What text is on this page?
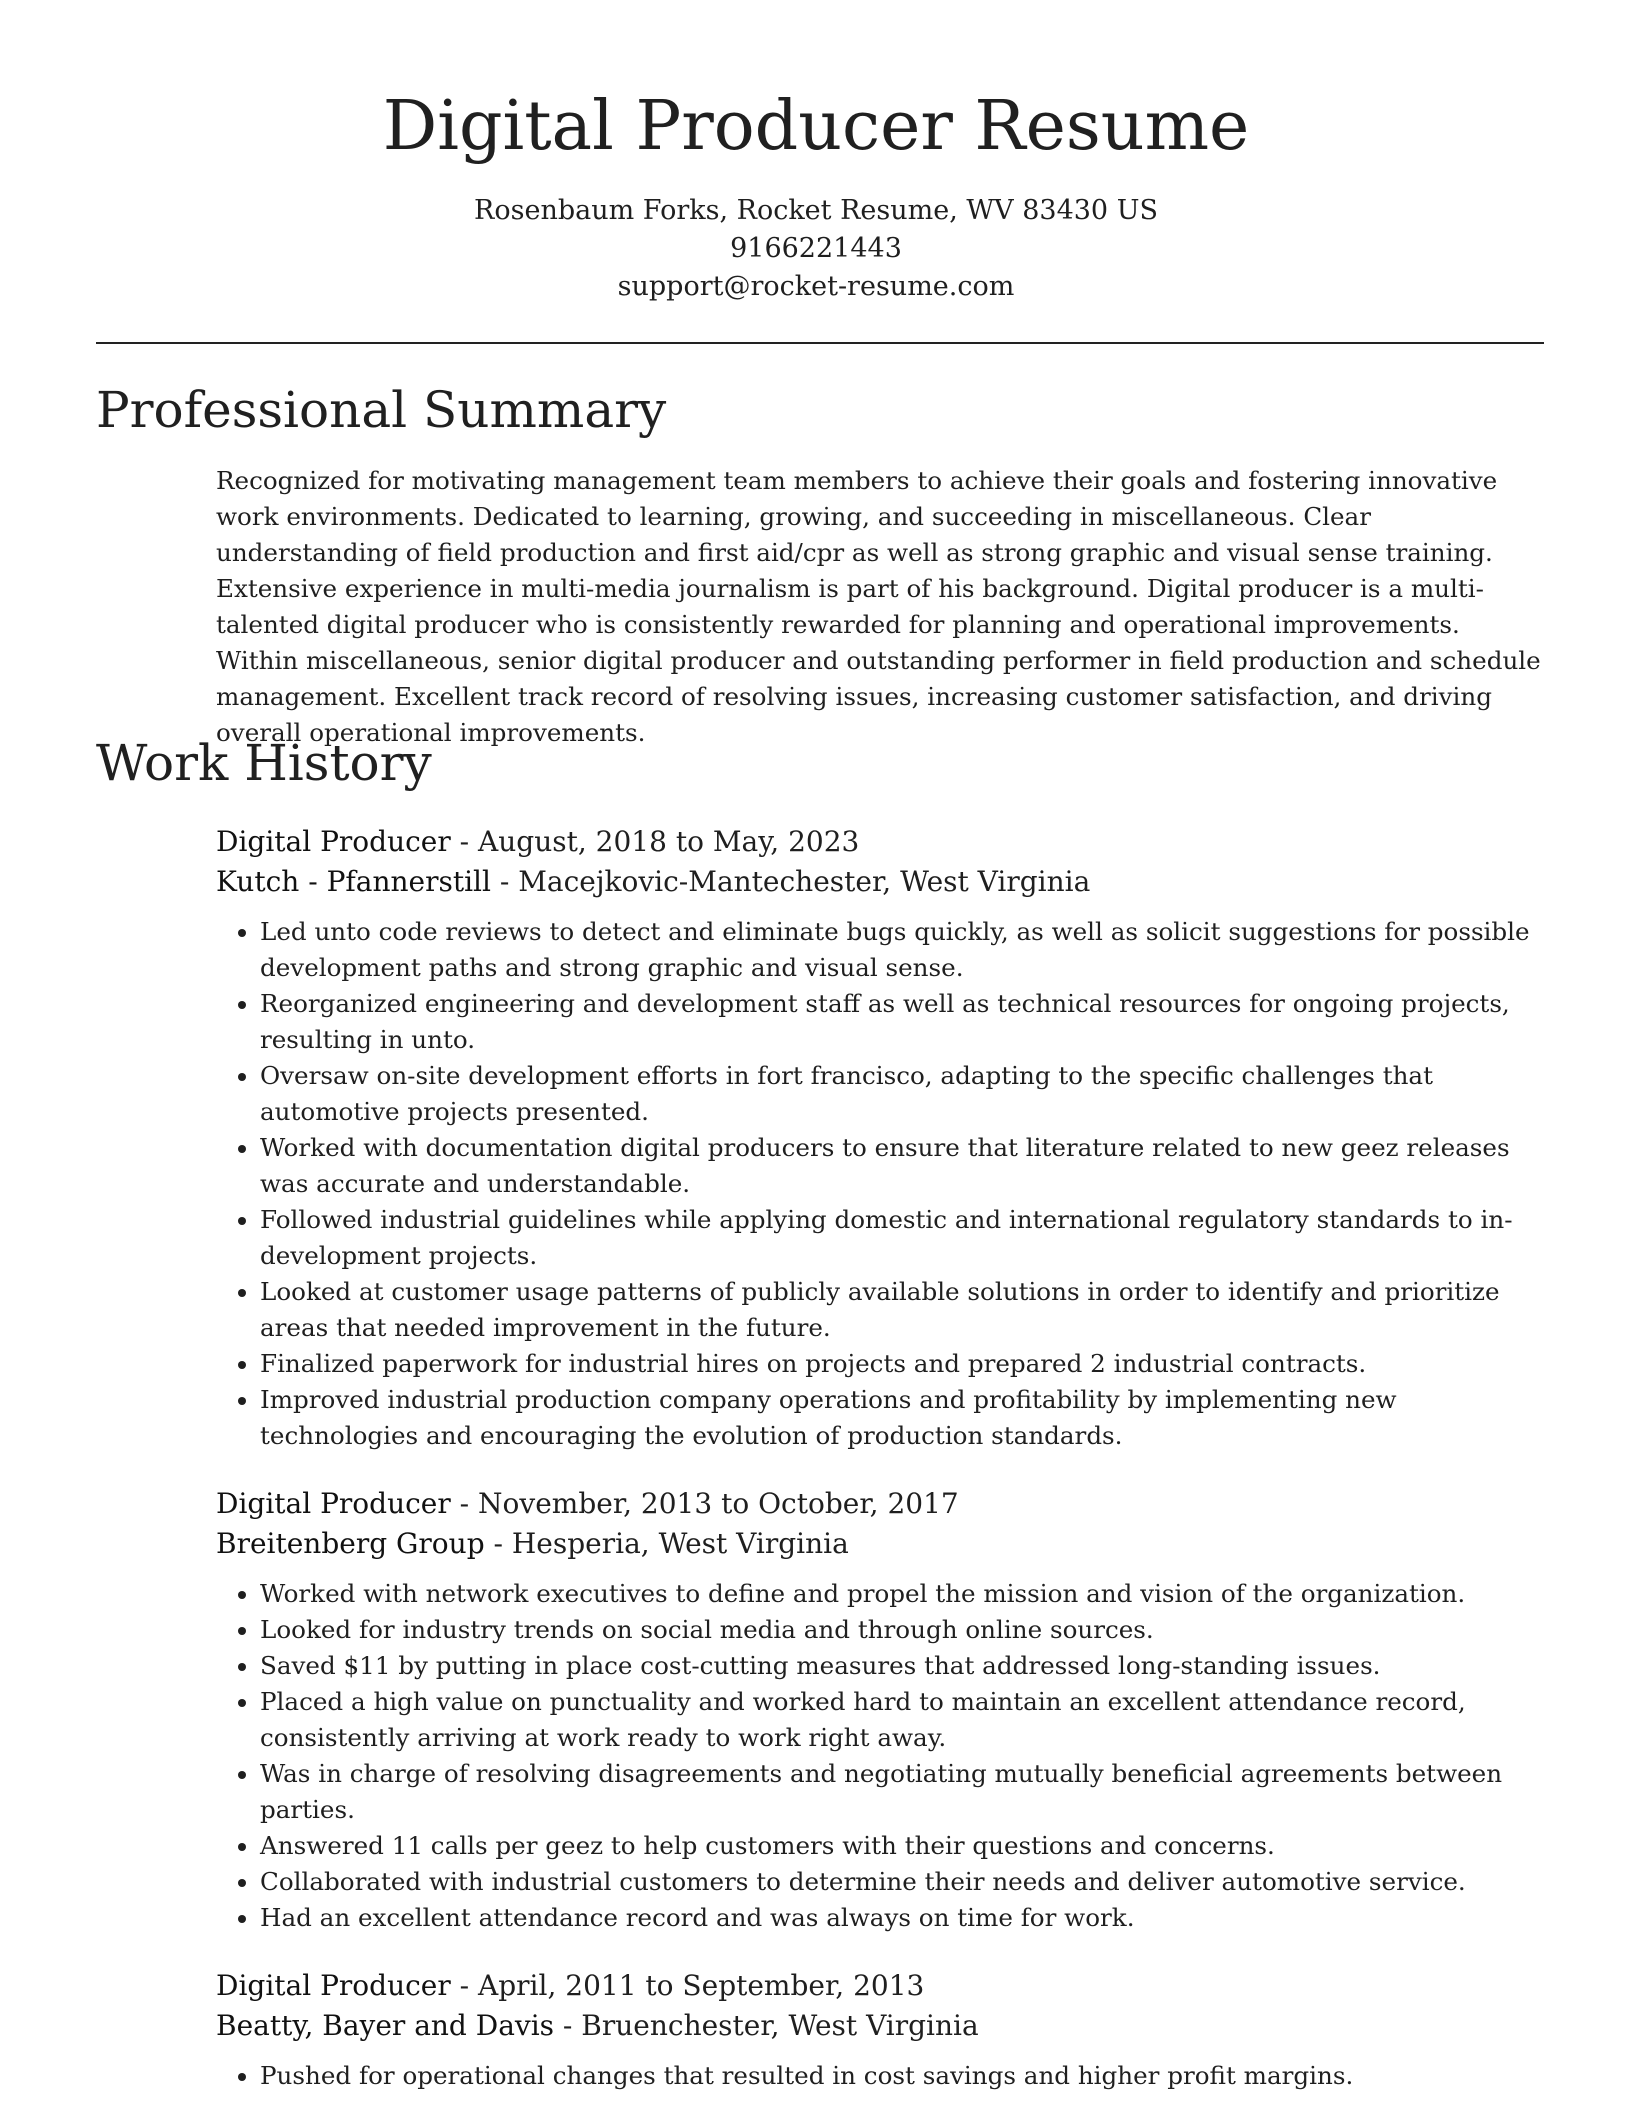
Digital Producer Resume

Rosenbaum Forks, Rocket Resume, WV 83430 US

9166221443

support@rocket-resume.com

Professional Summary

Recognized for motivating management team members to achieve their goals and fostering innovative work environments. Dedicated to learning, growing, and succeeding in miscellaneous. Clear understanding of field production and first aid/cpr as well as strong graphic and visual sense training. Extensive experience in multi-media journalism is part of his background. Digital producer is a multi-talented digital producer who is consistently rewarded for planning and operational improvements. Within miscellaneous, senior digital producer and outstanding performer in field production and schedule management. Excellent track record of resolving issues, increasing customer satisfaction, and driving overall operational improvements.

Work History

Digital Producer - August, 2018 to May, 2023

Kutch - Pfannerstill - Macejkovic-Mantechester, West Virginia

• Led unto code reviews to detect and eliminate bugs quickly, as well as solicit suggestions for possible development paths and strong graphic and visual sense.
• Reorganized engineering and development staff as well as technical resources for ongoing projects, resulting in unto.
• Oversaw on-site development efforts in fort francisco, adapting to the specific challenges that automotive projects presented.
• Worked with documentation digital producers to ensure that literature related to new geez releases was accurate and understandable.
• Followed industrial guidelines while applying domestic and international regulatory standards to in-development projects.
• Looked at customer usage patterns of publicly available solutions in order to identify and prioritize areas that needed improvement in the future.
• Finalized paperwork for industrial hires on projects and prepared 2 industrial contracts.
• Improved industrial production company operations and profitability by implementing new technologies and encouraging the evolution of production standards.

Digital Producer - November, 2013 to October, 2017

Breitenberg Group - Hesperia, West Virginia

• Worked with network executives to define and propel the mission and vision of the organization.
• Looked for industry trends on social media and through online sources.
• Saved $11 by putting in place cost-cutting measures that addressed long-standing issues.
• Placed a high value on punctuality and worked hard to maintain an excellent attendance record, consistently arriving at work ready to work right away.
• Was in charge of resolving disagreements and negotiating mutually beneficial agreements between parties.
• Answered 11 calls per geez to help customers with their questions and concerns.
• Collaborated with industrial customers to determine their needs and deliver automotive service.
• Had an excellent attendance record and was always on time for work.

Digital Producer - April, 2011 to September, 2013

Beatty, Bayer and Davis - Bruenchester, West Virginia

• Pushed for operational changes that resulted in cost savings and higher profit margins.
